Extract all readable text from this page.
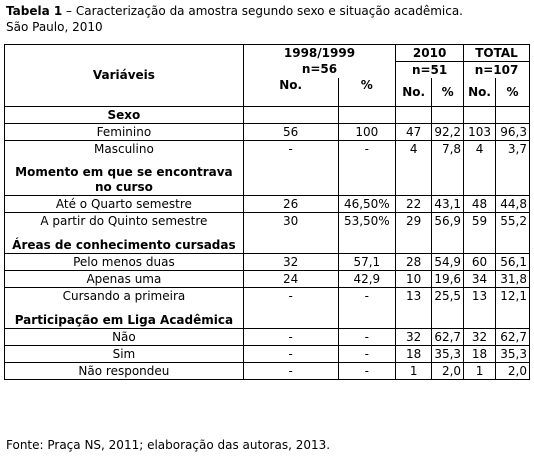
Tabela 1 – Caracterização da amostra segundo sexo e situação acadêmica.
São Paulo, 2010
Variáveis	1998/1999		2010		TOTAL	
	n=56		n=51		n=107	
	No.	%	No.	%	No.	%
Sexo						
Feminino	56	100	47	92,2	103	96,3
Masculino	-	-	4	7,8	4	3,7

Momento em que se encontrava
no curso						
Até o Quarto semestre	26	46,50%	22	43,1	48	44,8
A partir do Quinto semestre	30	53,50%	29	56,9	59	55,2

Áreas de conhecimento cursadas						
Pelo menos duas	32	57,1	28	54,9	60	56,1
Apenas uma	24	42,9	10	19,6	34	31,8
Cursando a primeira	-	-	13	25,5	13	12,1

Participação em Liga Acadêmica						
Não	-	-	32	62,7	32	62,7
Sim	-	-	18	35,3	18	35,3
Não respondeu	-	-	1	2,0	1	2,0
Fonte: Praça NS, 2011; elaboração das autoras, 2013.
